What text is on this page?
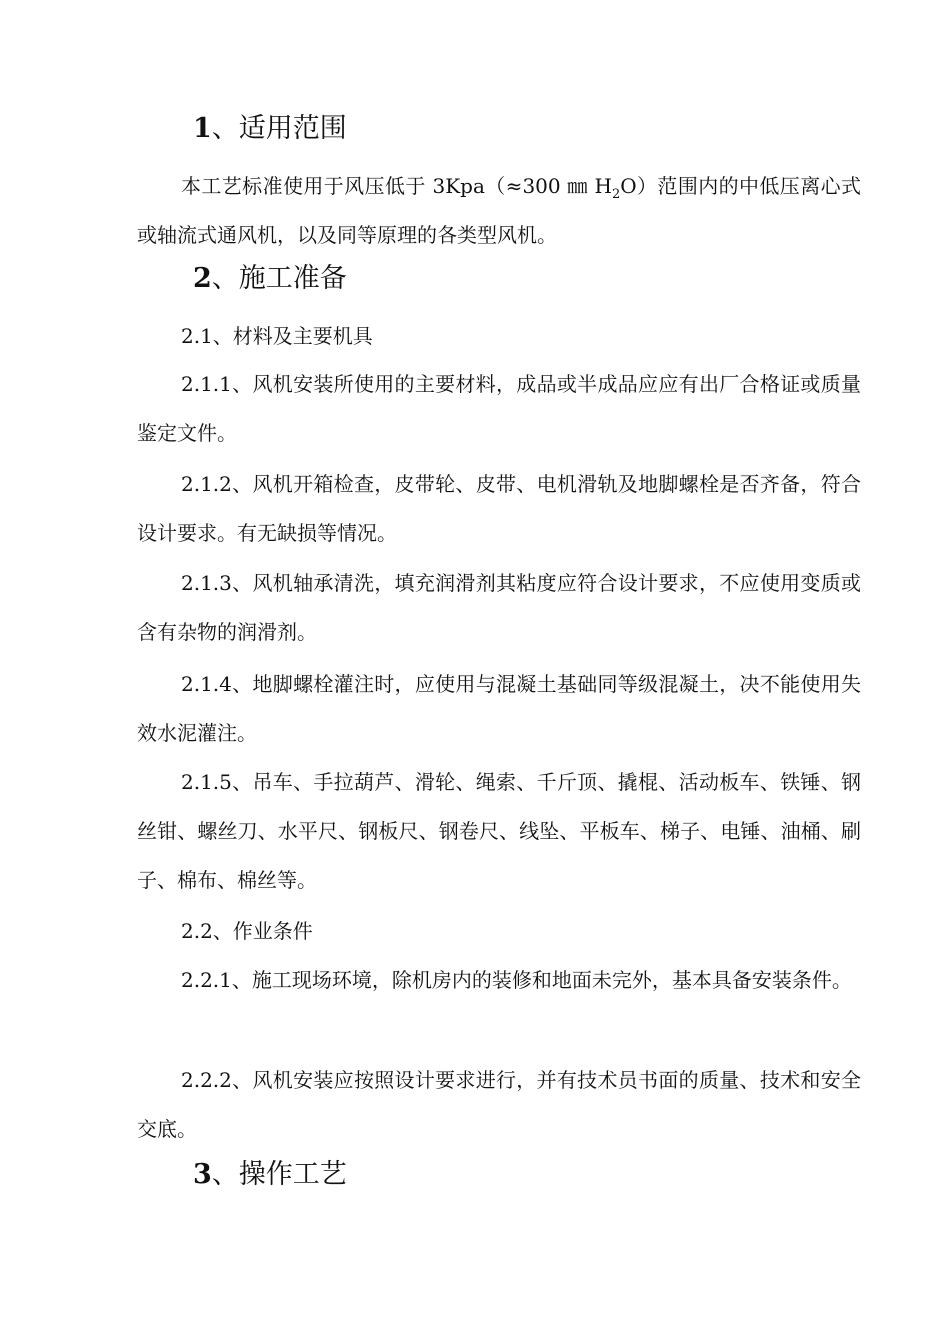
1、适用范围

本工艺标准使用于风压低于 3Kpa（≈300 ㎜ $H_2O$）范围内的中低压离心式或轴流式通风机，以及同等原理的各类型风机。

2、施工准备

2.1、材料及主要机具

2.1.1、风机安装所使用的主要材料，成品或半成品应应有出厂合格证或质量鉴定文件。

2.1.2、风机开箱检查，皮带轮、皮带、电机滑轨及地脚螺栓是否齐备，符合设计要求。有无缺损等情况。

2.1.3、风机轴承清洗，填充润滑剂其粘度应符合设计要求，不应使用变质或含有杂物的润滑剂。

2.1.4、地脚螺栓灌注时，应使用与混凝土基础同等级混凝土，决不能使用失效水泥灌注。

2.1.5、吊车、手拉葫芦、滑轮、绳索、千斤顶、撬棍、活动板车、铁锤、钢丝钳、螺丝刀、水平尺、钢板尺、钢卷尺、线坠、平板车、梯子、电锤、油桶、刷子、棉布、棉丝等。

2.2、作业条件

2.2.1、施工现场环境，除机房内的装修和地面未完外，基本具备安装条件。

2.2.2、风机安装应按照设计要求进行，并有技术员书面的质量、技术和安全交底。

3、操作工艺
